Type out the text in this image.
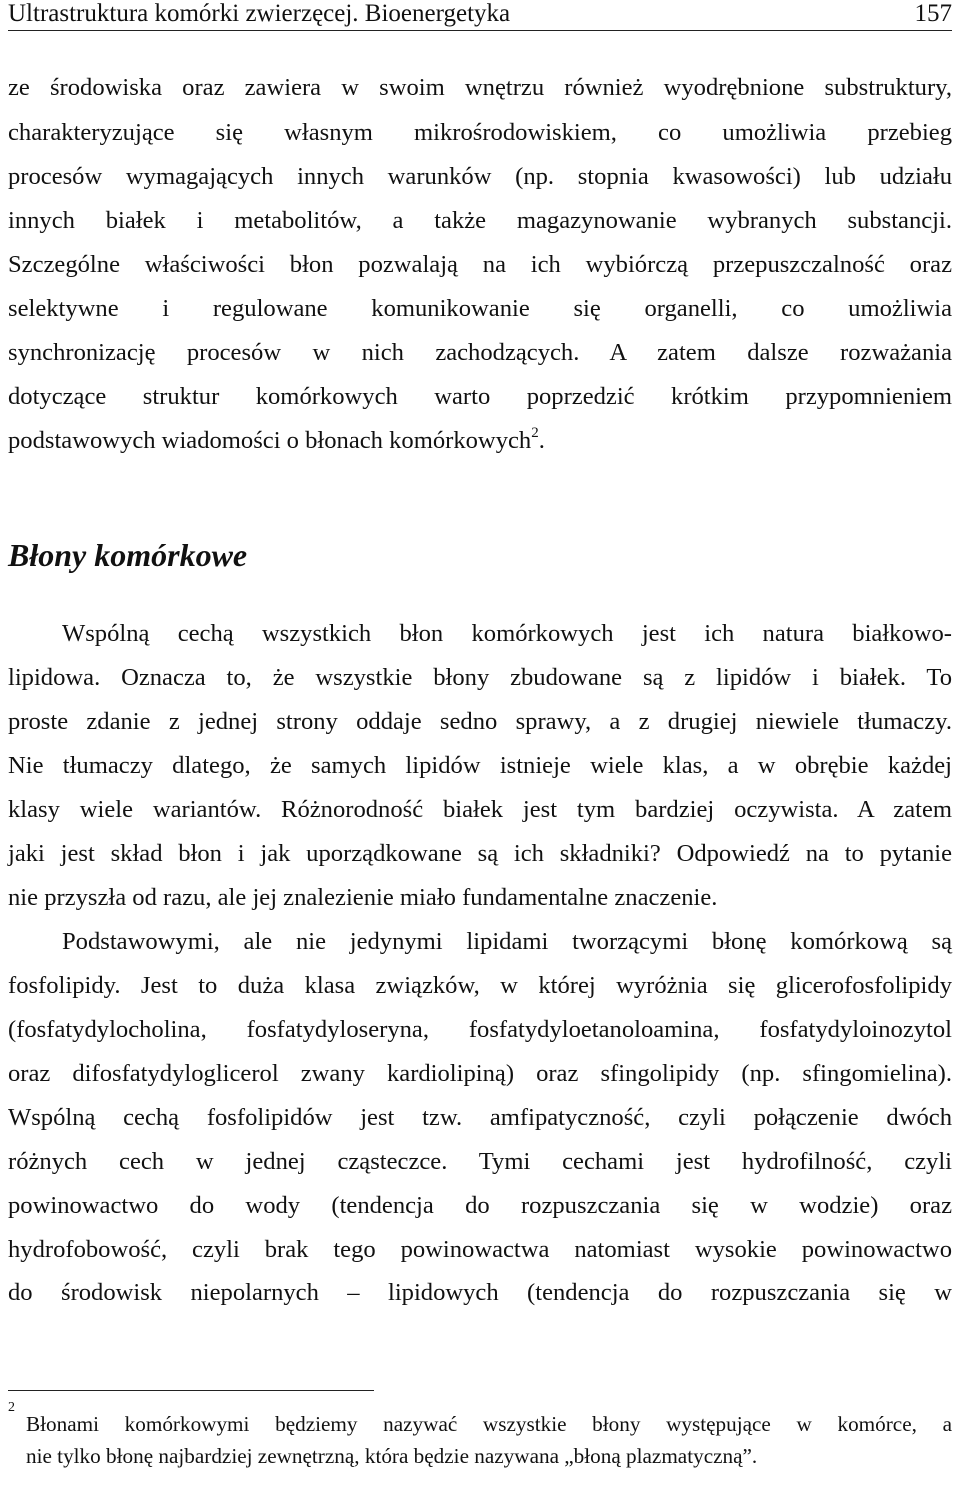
Ultrastruktura komórki zwierzęcej. Bioenergetyka	157
ze środowiska oraz zawiera w swoim wnętrzu również wyodrębnione substruktury,
charakteryzujące się własnym mikrośrodowiskiem, co umożliwia przebieg
procesów wymagających innych warunków (np. stopnia kwasowości) lub udziału
innych białek i metabolitów, a także magazynowanie wybranych substancji.
Szczególne właściwości błon pozwalają na ich wybiórczą przepuszczalność oraz
selektywne i regulowane komunikowanie się organelli, co umożliwia
synchronizację procesów w nich zachodzących. A zatem dalsze rozważania
dotyczące struktur komórkowych warto poprzedzić krótkim przypomnieniem
podstawowych wiadomości o błonach komórkowych$^2$.
Błony komórkowe
Wspólną cechą wszystkich błon komórkowych jest ich natura białkowo-
lipidowa. Oznacza to, że wszystkie błony zbudowane są z lipidów i białek. To
proste zdanie z jednej strony oddaje sedno sprawy, a z drugiej niewiele tłumaczy.
Nie tłumaczy dlatego, że samych lipidów istnieje wiele klas, a w obrębie każdej
klasy wiele wariantów. Różnorodność białek jest tym bardziej oczywista. A zatem
jaki jest skład błon i jak uporządkowane są ich składniki? Odpowiedź na to pytanie
nie przyszła od razu, ale jej znalezienie miało fundamentalne znaczenie.
Podstawowymi, ale nie jedynymi lipidami tworzącymi błonę komórkową są
fosfolipidy. Jest to duża klasa związków, w której wyróżnia się glicerofosfolipidy
(fosfatydylocholina, fosfatydyloseryna, fosfatydyloetanoloamina, fosfatydyloinozytol
oraz difosfatydyloglicerol zwany kardiolipiną) oraz sfingolipidy (np. sfingomielina).
Wspólną cechą fosfolipidów jest tzw. amfipatyczność, czyli połączenie dwóch
różnych cech w jednej cząsteczce. Tymi cechami jest hydrofilność, czyli
powinowactwo do wody (tendencja do rozpuszczania się w wodzie) oraz
hydrofobowość, czyli brak tego powinowactwa natomiast wysokie powinowactwo
do środowisk niepolarnych – lipidowych (tendencja do rozpuszczania się w
2
Błonami komórkowymi będziemy nazywać wszystkie błony występujące w komórce, a
nie tylko błonę najbardziej zewnętrzną, która będzie nazywana „błoną plazmatyczną”.
